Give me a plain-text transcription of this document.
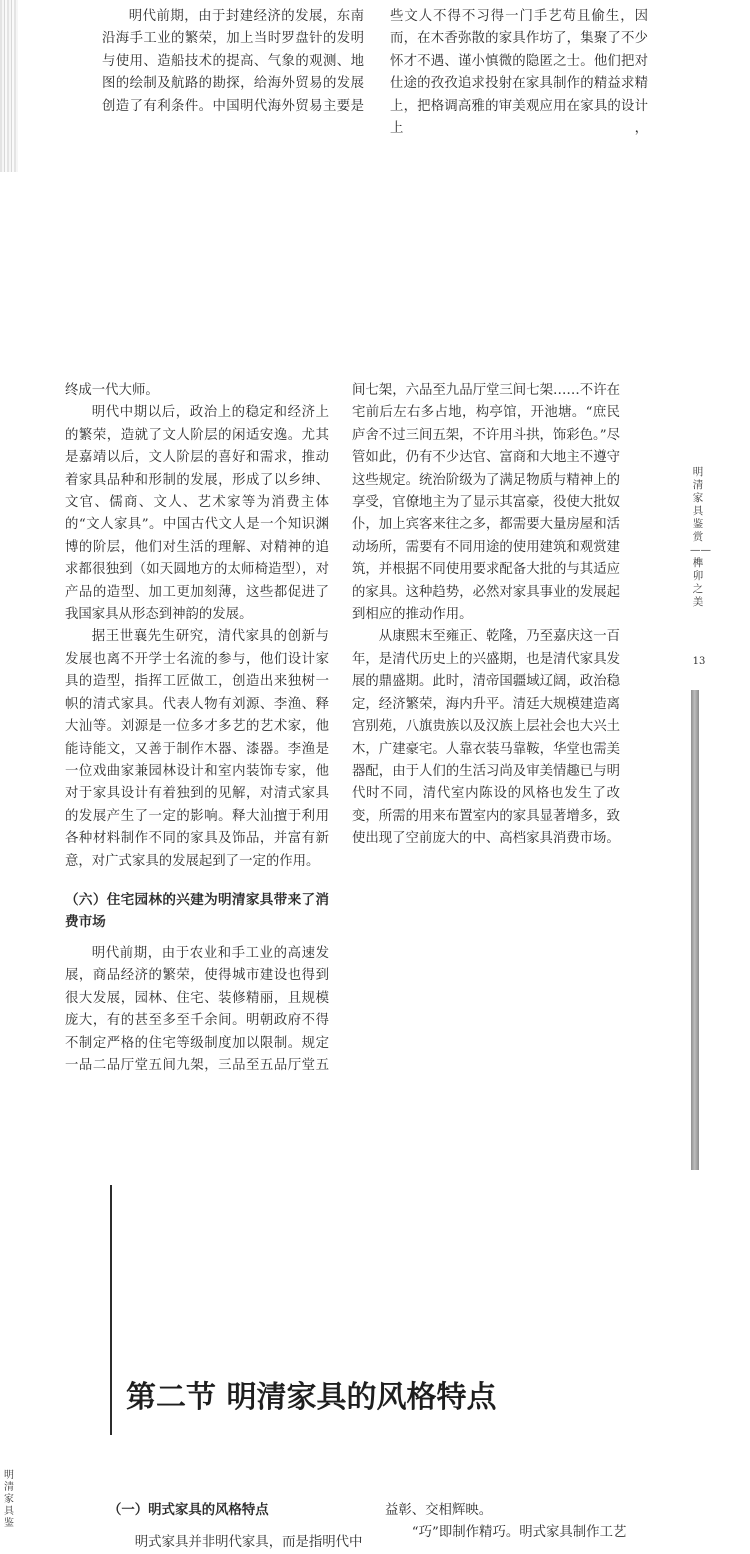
明代前期，由于封建经济的发展，东南沿海手工业的繁荣，加上当时罗盘针的发明与使用、造船技术的提高、气象的观测、地图的绘制及航路的勘探，给海外贸易的发展创造了有利条件。中国明代海外贸易主要是

些文人不得不习得一门手艺苟且偷生，因而，在木香弥散的家具作坊了，集聚了不少怀才不遇、谨小慎微的隐匿之士。他们把对仕途的孜孜追求投射在家具制作的精益求精上，把格调高雅的审美观应用在家具的设计上，

终成一代大师。

明代中期以后，政治上的稳定和经济上的繁荣，造就了文人阶层的闲适安逸。尤其是嘉靖以后，文人阶层的喜好和需求，推动着家具品种和形制的发展，形成了以乡绅、文官、儒商、文人、艺术家等为消费主体的“文人家具”。中国古代文人是一个知识渊博的阶层，他们对生活的理解、对精神的追求都很独到（如天圆地方的太师椅造型），对产品的造型、加工更加刻薄，这些都促进了我国家具从形态到神韵的发展。

据王世襄先生研究，清代家具的创新与发展也离不开学士名流的参与，他们设计家具的造型，指挥工匠做工，创造出来独树一帜的清式家具。代表人物有刘源、李渔、释大汕等。刘源是一位多才多艺的艺术家，他能诗能文，又善于制作木器、漆器。李渔是一位戏曲家兼园林设计和室内装饰专家，他对于家具设计有着独到的见解，对清式家具的发展产生了一定的影响。释大汕擅于利用各种材料制作不同的家具及饰品，并富有新意，对广式家具的发展起到了一定的作用。

（六）住宅园林的兴建为明清家具带来了消费市场

明代前期，由于农业和手工业的高速发展，商品经济的繁荣，使得城市建设也得到很大发展，园林、住宅、装修精丽，且规模庞大，有的甚至多至千余间。明朝政府不得不制定严格的住宅等级制度加以限制。规定一品二品厅堂五间九架，三品至五品厅堂五

间七架，六品至九品厅堂三间七架……不许在宅前后左右多占地，构亭馆，开池塘。“庶民庐舍不过三间五架，不许用斗拱，饰彩色。”尽管如此，仍有不少达官、富商和大地主不遵守这些规定。统治阶级为了满足物质与精神上的享受，官僚地主为了显示其富豪，役使大批奴仆，加上宾客来往之多，都需要大量房屋和活动场所，需要有不同用途的使用建筑和观赏建筑，并根据不同使用要求配备大批的与其适应的家具。这种趋势，必然对家具事业的发展起到相应的推动作用。

从康熙末至雍正、乾隆，乃至嘉庆这一百年，是清代历史上的兴盛期，也是清代家具发展的鼎盛期。此时，清帝国疆域辽阔，政治稳定，经济繁荣，海内升平。清廷大规模建造离宫别苑，八旗贵族以及汉族上层社会也大兴土木，广建豪宅。人靠衣装马靠鞍，华堂也需美器配，由于人们的生活习尚及审美情趣已与明代时不同，清代室内陈设的风格也发生了改变，所需的用来布置室内的家具显著增多，致使出现了空前庞大的中、高档家具消费市场。

明清家具鉴赏——榫卯之美
13
第二节 明清家具的风格特点
明清家具鉴

（一）明式家具的风格特点

明式家具并非明代家具，而是指明代中

益彰、交相辉映。

“巧”即制作精巧。明式家具制作工艺
